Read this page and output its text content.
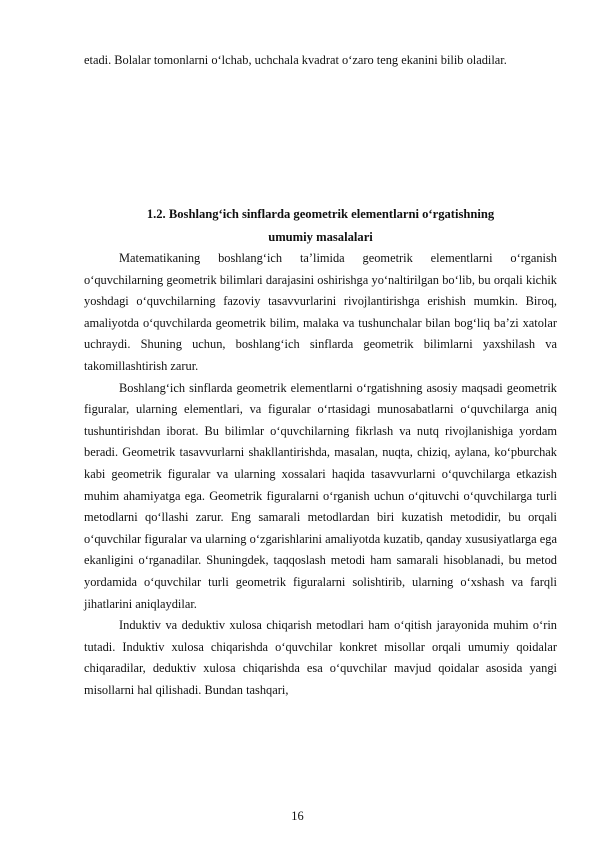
etadi. Bolalar tomonlarni o‘lchab, uchchala kvadrat o‘zaro teng ekanini bilib oladilar.
1.2. Boshlang‘ich sinflarda geometrik elementlarni o‘rgatishning
umumiy masalalari

Matematikaning boshlang‘ich ta’limida geometrik elementlarni o‘rganish o‘quvchilarning geometrik bilimlari darajasini oshirishga yo‘naltirilgan bo‘lib, bu orqali kichik yoshdagi o‘quvchilarning fazoviy tasavvurlarini rivojlantirishga erishish mumkin. Biroq, amaliyotda o‘quvchilarda geometrik bilim, malaka va tushunchalar bilan bog‘liq ba’zi xatolar uchraydi. Shuning uchun, boshlang‘ich sinflarda geometrik bilimlarni yaxshilash va takomillashtirish zarur.

Boshlang‘ich sinflarda geometrik elementlarni o‘rgatishning asosiy maqsadi geometrik figuralar, ularning elementlari, va figuralar o‘rtasidagi munosabatlarni o‘quvchilarga aniq tushuntirishdan iborat. Bu bilimlar o‘quvchilarning fikrlash va nutq rivojlanishiga yordam beradi. Geometrik tasavvurlarni shakllantirishda, masalan, nuqta, chiziq, aylana, ko‘pburchak kabi geometrik figuralar va ularning xossalari haqida tasavvurlarni o‘quvchilarga etkazish muhim ahamiyatga ega. Geometrik figuralarni o‘rganish uchun o‘qituvchi o‘quvchilarga turli metodlarni qo‘llashi zarur. Eng samarali metodlardan biri kuzatish metodidir, bu orqali o‘quvchilar figuralar va ularning o‘zgarishlarini amaliyotda kuzatib, qanday xususiyatlarga ega ekanligini o‘rganadilar. Shuningdek, taqqoslash metodi ham samarali hisoblanadi, bu metod yordamida o‘quvchilar turli geometrik figuralarni solishtirib, ularning o‘xshash va farqli jihatlarini aniqlaydilar.

Induktiv va deduktiv xulosa chiqarish metodlari ham o‘qitish jarayonida muhim o‘rin tutadi. Induktiv xulosa chiqarishda o‘quvchilar konkret misollar orqali umumiy qoidalar chiqaradilar, deduktiv xulosa chiqarishda esa o‘quvchilar mavjud qoidalar asosida yangi misollarni hal qilishadi. Bundan tashqari,

16
